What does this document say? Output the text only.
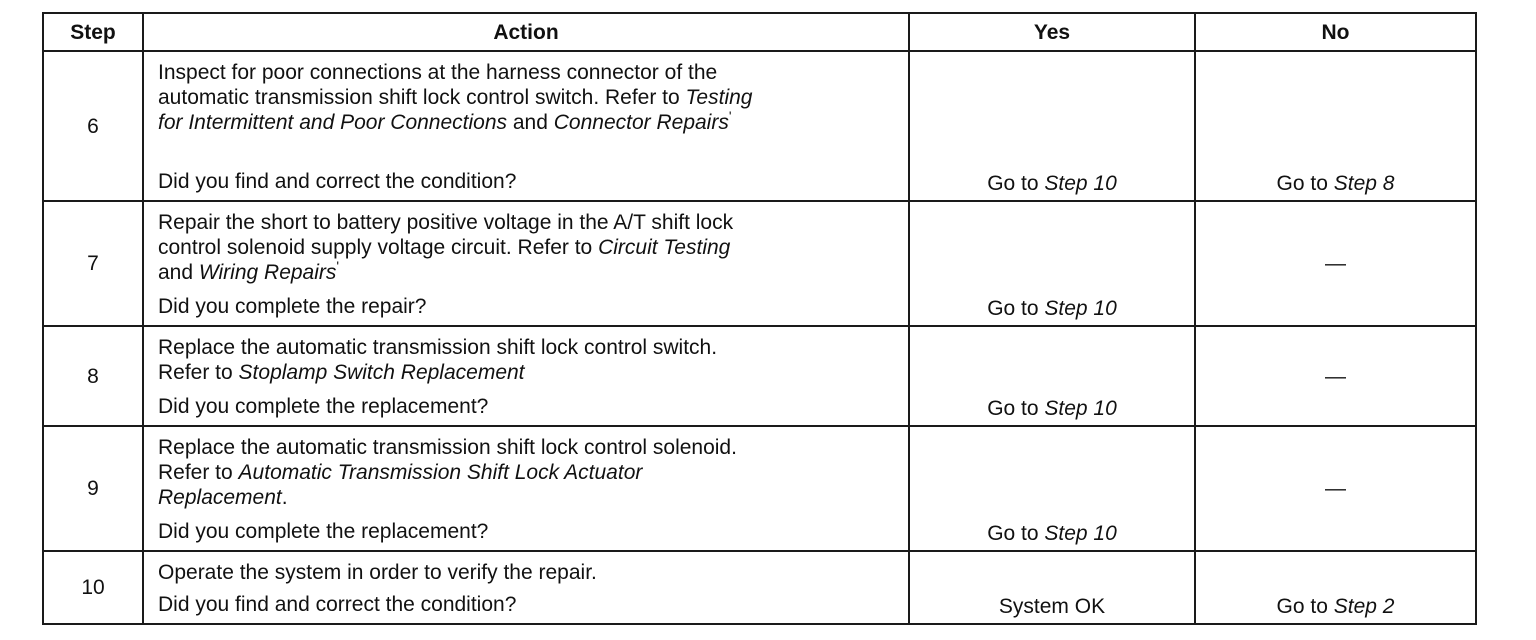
Step	Action	Yes	No
6	Inspect for poor connections at the harness connector of the
automatic transmission shift lock control switch. Refer to Testing
for Intermittent and Poor Connections and Connector Repairs'
Did you find and correct the condition?	Go to Step 10	Go to Step 8
7	Repair the short to battery positive voltage in the A/T shift lock
control solenoid supply voltage circuit. Refer to Circuit Testing
and Wiring Repairs'
Did you complete the repair?	Go to Step 10	—
8	Replace the automatic transmission shift lock control switch.
Refer to Stoplamp Switch Replacement
Did you complete the replacement?	Go to Step 10	—
9	Replace the automatic transmission shift lock control solenoid.
Refer to Automatic Transmission Shift Lock Actuator
Replacement.
Did you complete the replacement?	Go to Step 10	—
10	Operate the system in order to verify the repair.
Did you find and correct the condition?	System OK	Go to Step 2
